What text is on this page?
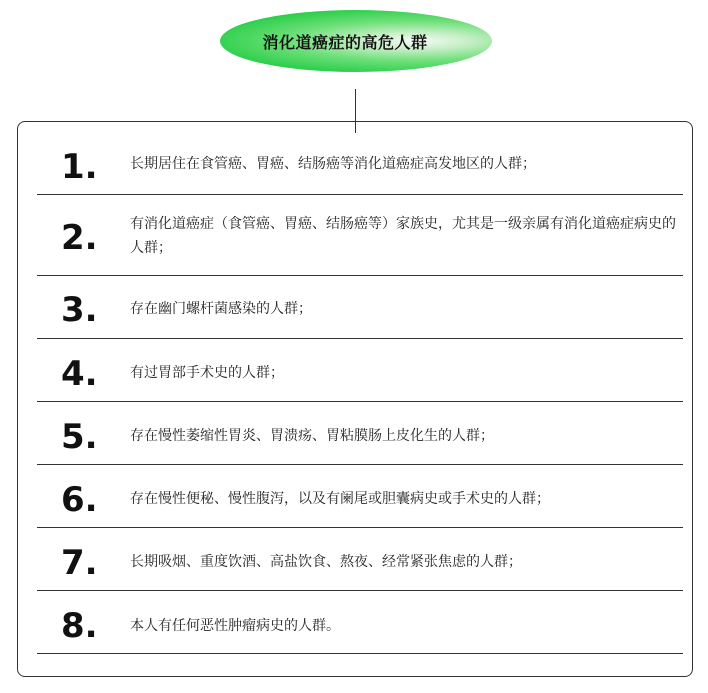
消化道癌症的高危人群
1. 长期居住在食管癌、胃癌、结肠癌等消化道癌症高发地区的人群；
2. 有消化道癌症（食管癌、胃癌、结肠癌等）家族史，尤其是一级亲属有消化道癌症病史的人群；
3. 存在幽门螺杆菌感染的人群；
4. 有过胃部手术史的人群；
5. 存在慢性萎缩性胃炎、胃溃疡、胃粘膜肠上皮化生的人群；
6. 存在慢性便秘、慢性腹泻，以及有阑尾或胆囊病史或手术史的人群；
7. 长期吸烟、重度饮酒、高盐饮食、熬夜、经常紧张焦虑的人群；
8. 本人有任何恶性肿瘤病史的人群。
